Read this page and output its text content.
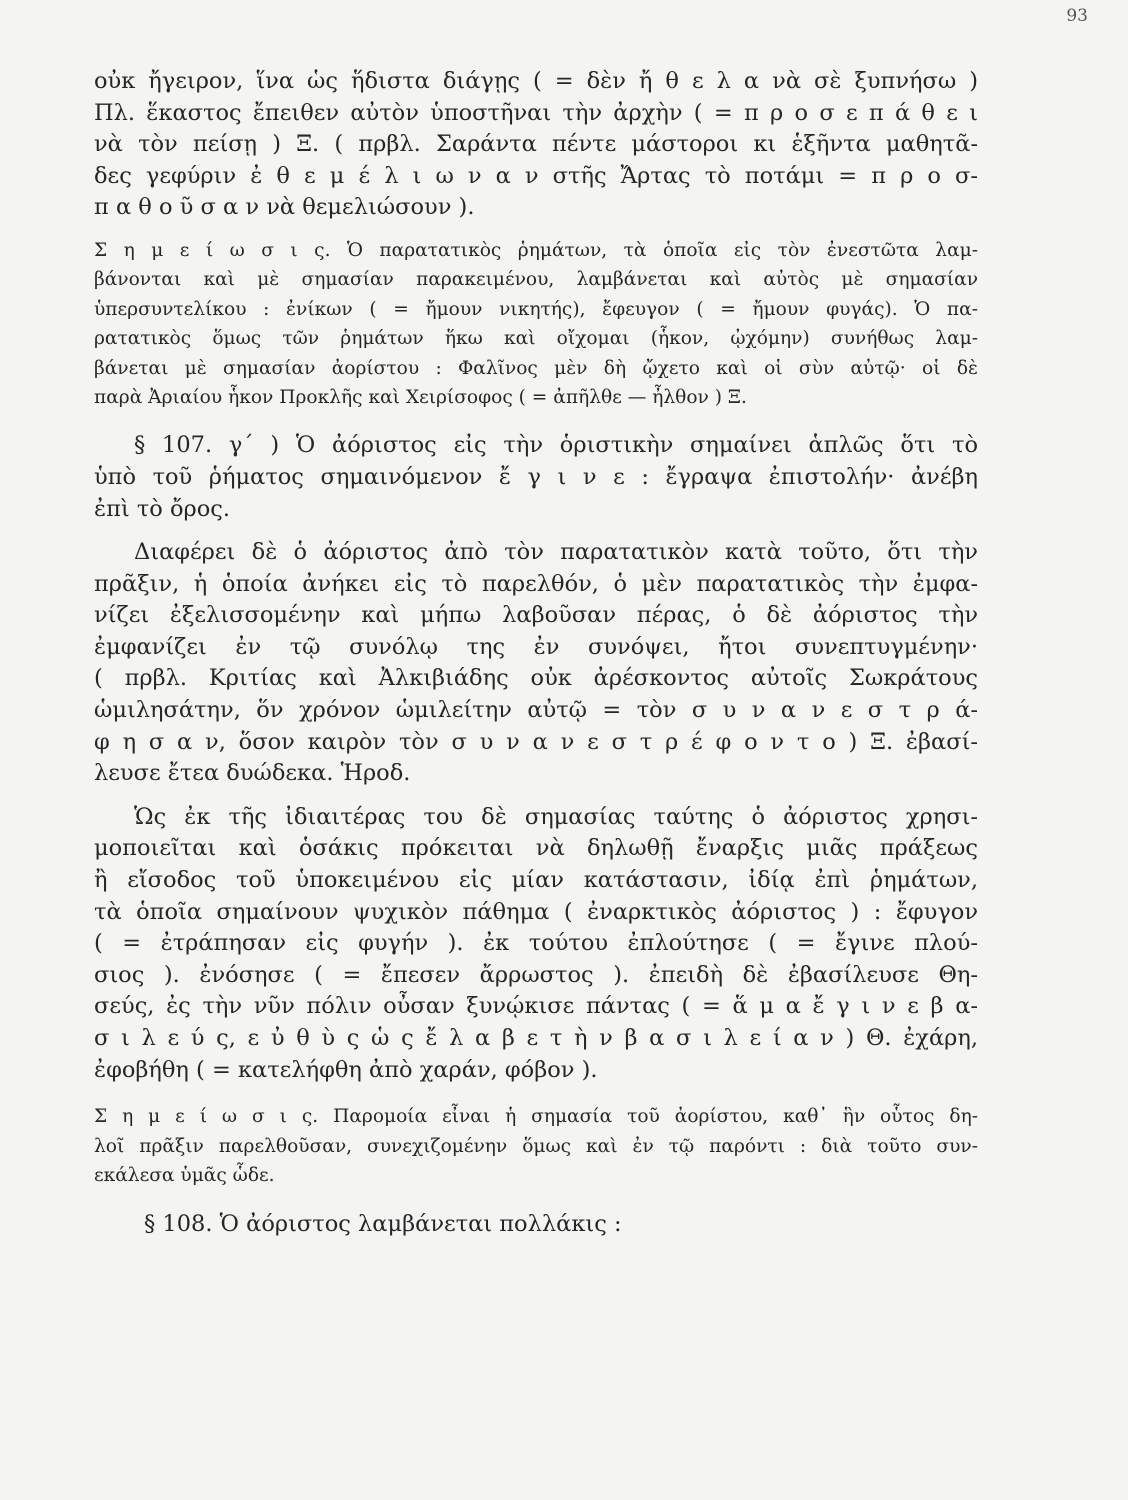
93
οὐκ ἤγειρον, ἵνα ὡς ἥδιστα διάγῃς ( = δὲν ἤ θ ε λ α νὰ σὲ ξυπνήσω )
Πλ. ἕκαστος ἔπειθεν αὐτὸν ὑποστῆναι τὴν ἀρχὴν ( = π ρ ο σ ε π ά θ ε ι
νὰ τὸν πείσῃ ) Ξ. ( πρβλ. Σαράντα πέντε μάστοροι κι ἑξῆντα μαθητᾶ-
δες γεφύριν ἐ θ ε μ έ λ ι ω ν α ν στῆς Ἄρτας τὸ ποτάμι = π ρ ο σ-
π α θ ο ῦ σ α ν νὰ θεμελιώσουν ).
Σ η μ ε ί ω σ ι ς. Ὁ παρατατικὸς ῥημάτων, τὰ ὁποῖα εἰς τὸν ἐνεστῶτα λαμ-
βάνονται καὶ μὲ σημασίαν παρακειμένου, λαμβάνεται καὶ αὐτὸς μὲ σημασίαν
ὑπερσυντελίκου : ἐνίκων ( = ἤμουν νικητής), ἔφευγον ( = ἤμουν φυγάς). Ὁ πα-
ρατατικὸς ὅμως τῶν ῥημάτων ἥκω καὶ οἴχομαι (ἧκον, ᾠχόμην) συνήθως λαμ-
βάνεται μὲ σημασίαν ἀορίστου : Φαλῖνος μὲν δὴ ᾤχετο καὶ οἱ σὺν αὐτῷ· οἱ δὲ
παρὰ Ἀριαίου ἧκον Προκλῆς καὶ Χειρίσοφος ( = ἀπῆλθε — ἦλθον ) Ξ.
§ 107. γ΄ ) Ὁ ἀόριστος εἰς τὴν ὁριστικὴν σημαίνει ἁπλῶς ὅτι τὸ
ὑπὸ τοῦ ῥήματος σημαινόμενον ἔ γ ι ν ε : ἔγραψα ἐπιστολήν· ἀνέβη
ἐπὶ τὸ ὄρος.
Διαφέρει δὲ ὁ ἀόριστος ἀπὸ τὸν παρατατικὸν κατὰ τοῦτο, ὅτι τὴν
πρᾶξιν, ἡ ὁποία ἀνήκει εἰς τὸ παρελθόν, ὁ μὲν παρατατικὸς τὴν ἐμφα-
νίζει ἐξελισσομένην καὶ μήπω λαβοῦσαν πέρας, ὁ δὲ ἀόριστος τὴν
ἐμφανίζει ἐν τῷ συνόλῳ της ἐν συνόψει, ἤτοι συνεπτυγμένην·
( πρβλ. Κριτίας καὶ Ἀλκιβιάδης οὐκ ἀρέσκοντος αὐτοῖς Σωκράτους
ὡμιλησάτην, ὅν χρόνον ὡμιλείτην αὐτῷ = τὸν σ υ ν α ν ε σ τ ρ ά-
φ η σ α ν, ὅσον καιρὸν τὸν σ υ ν α ν ε σ τ ρ έ φ ο ν τ ο ) Ξ. ἐβασί-
λευσε ἔτεα δυώδεκα. Ἡροδ.
Ὡς ἐκ τῆς ἰδιαιτέρας του δὲ σημασίας ταύτης ὁ ἀόριστος χρησι-
μοποιεῖται καὶ ὁσάκις πρόκειται νὰ δηλωθῇ ἔναρξις μιᾶς πράξεως
ἢ εἴσοδος τοῦ ὑποκειμένου εἰς μίαν κατάστασιν, ἰδίᾳ ἐπὶ ῥημάτων,
τὰ ὁποῖα σημαίνουν ψυχικὸν πάθημα ( ἐναρκτικὸς ἀόριστος ) : ἔφυγον
( = ἐτράπησαν εἰς φυγήν ). ἐκ τούτου ἐπλούτησε ( = ἔγινε πλού-
σιος ). ἐνόσησε ( = ἔπεσεν ἄρρωστος ). ἐπειδὴ δὲ ἐβασίλευσε Θη-
σεύς, ἐς τὴν νῦν πόλιν οὖσαν ξυνῴκισε πάντας ( = ἅ μ α ἔ γ ι ν ε β α-
σ ι λ ε ύ ς, ε ὐ θ ὺ ς ὡ ς ἔ λ α β ε τ ὴ ν β α σ ι λ ε ί α ν ) Θ. ἐχάρη,
ἐφοβήθη ( = κατελήφθη ἀπὸ χαράν, φόβον ).
Σ η μ ε ί ω σ ι ς. Παρομοία εἶναι ἡ σημασία τοῦ ἀορίστου, καθ᾽ ἣν οὗτος δη-
λοῖ πρᾶξιν παρελθοῦσαν, συνεχιζομένην ὅμως καὶ ἐν τῷ παρόντι : διὰ τοῦτο συν-
εκάλεσα ὑμᾶς ὧδε.
§ 108. Ὁ ἀόριστος λαμβάνεται πολλάκις :
